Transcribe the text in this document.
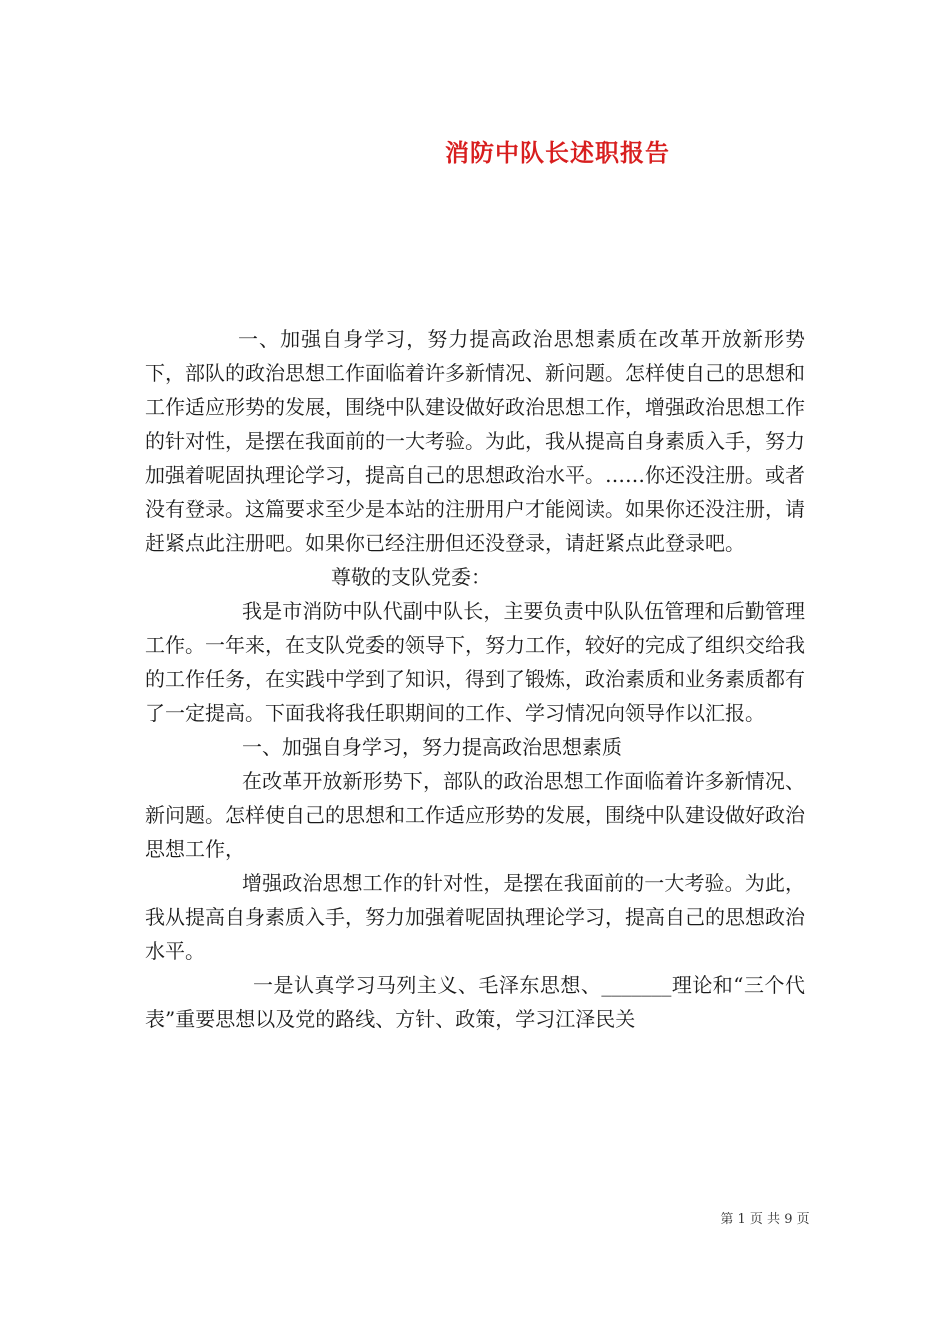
消防中队长述职报告

一、加强自身学习，努力提高政治思想素质在改革开放新形势下，部队的政治思想工作面临着许多新情况、新问题。怎样使自己的思想和工作适应形势的发展，围绕中队建设做好政治思想工作，增强政治思想工作的针对性，是摆在我面前的一大考验。为此，我从提高自身素质入手，努力加强着呢固执理论学习，提高自己的思想政治水平。……你还没注册。或者没有登录。这篇要求至少是本站的注册用户才能阅读。如果你还没注册，请赶紧点此注册吧。如果你已经注册但还没登录，请赶紧点此登录吧。

尊敬的支队党委：

我是市消防中队代副中队长，主要负责中队队伍管理和后勤管理工作。一年来，在支队党委的领导下，努力工作，较好的完成了组织交给我的工作任务，在实践中学到了知识，得到了锻炼，政治素质和业务素质都有了一定提高。下面我将我任职期间的工作、学习情况向领导作以汇报。

一、加强自身学习，努力提高政治思想素质

在改革开放新形势下，部队的政治思想工作面临着许多新情况、新问题。怎样使自己的思想和工作适应形势的发展，围绕中队建设做好政治思想工作，

增强政治思想工作的针对性，是摆在我面前的一大考验。为此，我从提高自身素质入手，努力加强着呢固执理论学习，提高自己的思想政治水平。

一是认真学习马列主义、毛泽东思想、_______理论和“三个代表”重要思想以及党的路线、方针、政策，学习江泽民关

第 1 页 共 9 页
